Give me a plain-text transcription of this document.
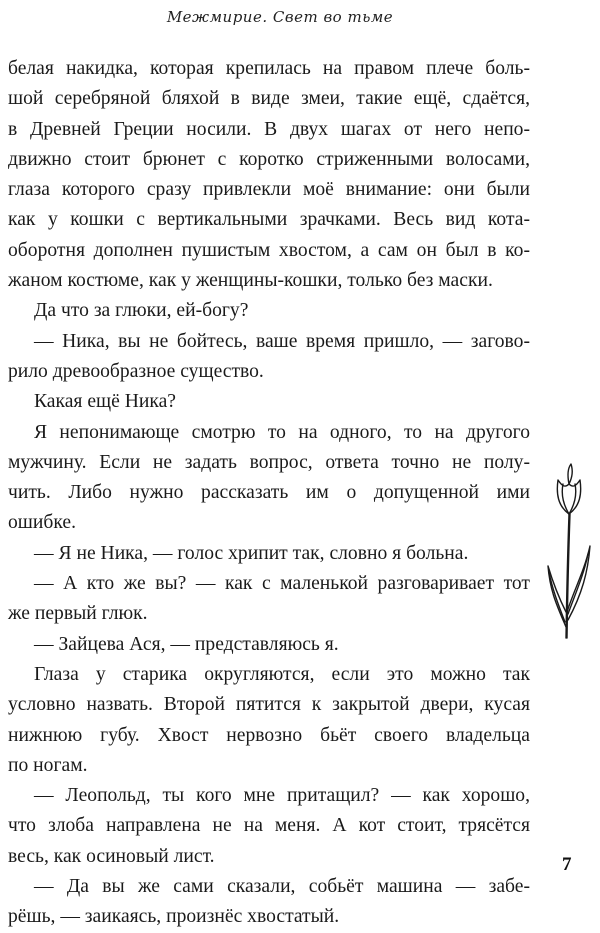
Межмирие. Свет во тьме
белая накидка, которая крепилась на правом плече боль-
шой серебряной бляхой в виде змеи, такие ещё, сдаётся,
в Древней Греции носили. В двух шагах от него непо-
движно стоит брюнет с коротко стриженными волосами,
глаза которого сразу привлекли моё внимание: они были
как у кошки с вертикальными зрачками. Весь вид кота-
оборотня дополнен пушистым хвостом, а сам он был в ко-
жаном костюме, как у женщины-кошки, только без маски.
Да что за глюки, ей-богу?
— Ника, вы не бойтесь, ваше время пришло, — загово-
рило древообразное существо.
Какая ещё Ника?
Я непонимающе смотрю то на одного, то на другого
мужчину. Если не задать вопрос, ответа точно не полу-
чить. Либо нужно рассказать им о допущенной ими
ошибке.
— Я не Ника, — голос хрипит так, словно я больна.
— А кто же вы? — как с маленькой разговаривает тот
же первый глюк.
— Зайцева Ася, — представляюсь я.
Глаза у старика округляются, если это можно так
условно назвать. Второй пятится к закрытой двери, кусая
нижнюю губу. Хвост нервозно бьёт своего владельца
по ногам.
— Леопольд, ты кого мне притащил? — как хорошо,
что злоба направлена не на меня. А кот стоит, трясётся
весь, как осиновый лист.
— Да вы же сами сказали, собьёт машина — забе-
рёшь, — заикаясь, произнёс хвостатый.
7
